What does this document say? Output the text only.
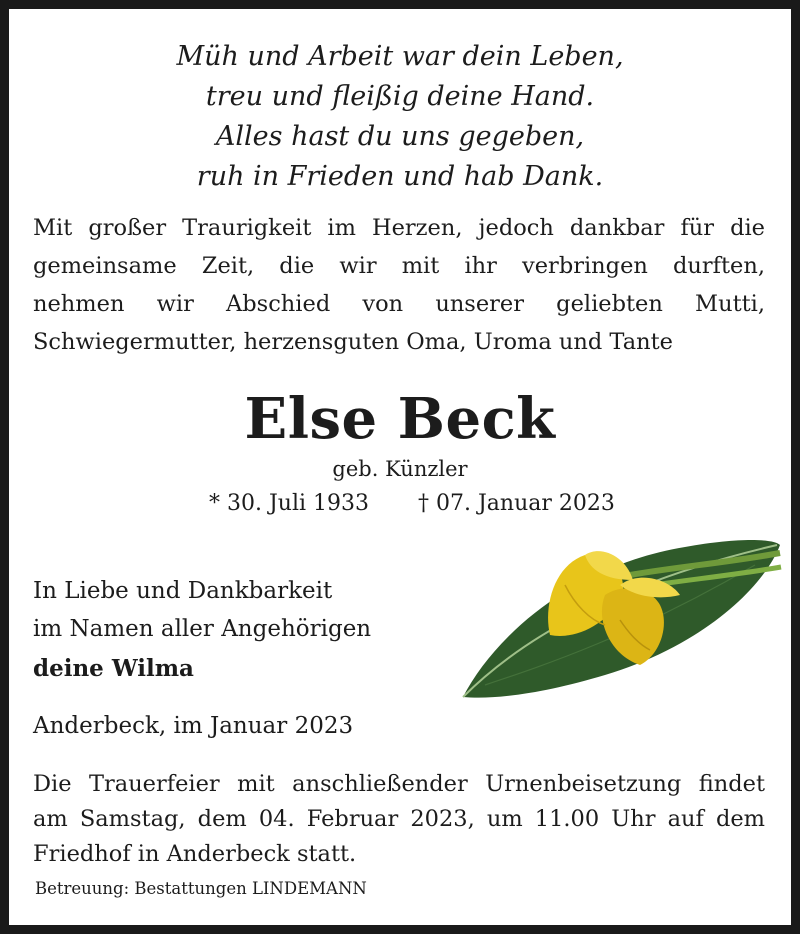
Müh und Arbeit war dein Leben,
treu und fleißig deine Hand.
Alles hast du uns gegeben,
ruh in Frieden und hab Dank.
Mit großer Traurigkeit im Herzen, jedoch dankbar für die
gemeinsame Zeit, die wir mit ihr verbringen durften,
nehmen wir Abschied von unserer geliebten Mutti,
Schwiegermutter, herzensguten Oma, Uroma und Tante
Else Beck
geb. Künzler
* 30. Juli 1933 † 07. Januar 2023
In Liebe und Dankbarkeit
im Namen aller Angehörigen
deine Wilma
Anderbeck, im Januar 2023
Die Trauerfeier mit anschließender Urnenbeisetzung findet
am Samstag, dem 04. Februar 2023, um 11.00 Uhr auf dem
Friedhof in Anderbeck statt.
Betreuung: Bestattungen LINDEMANN
